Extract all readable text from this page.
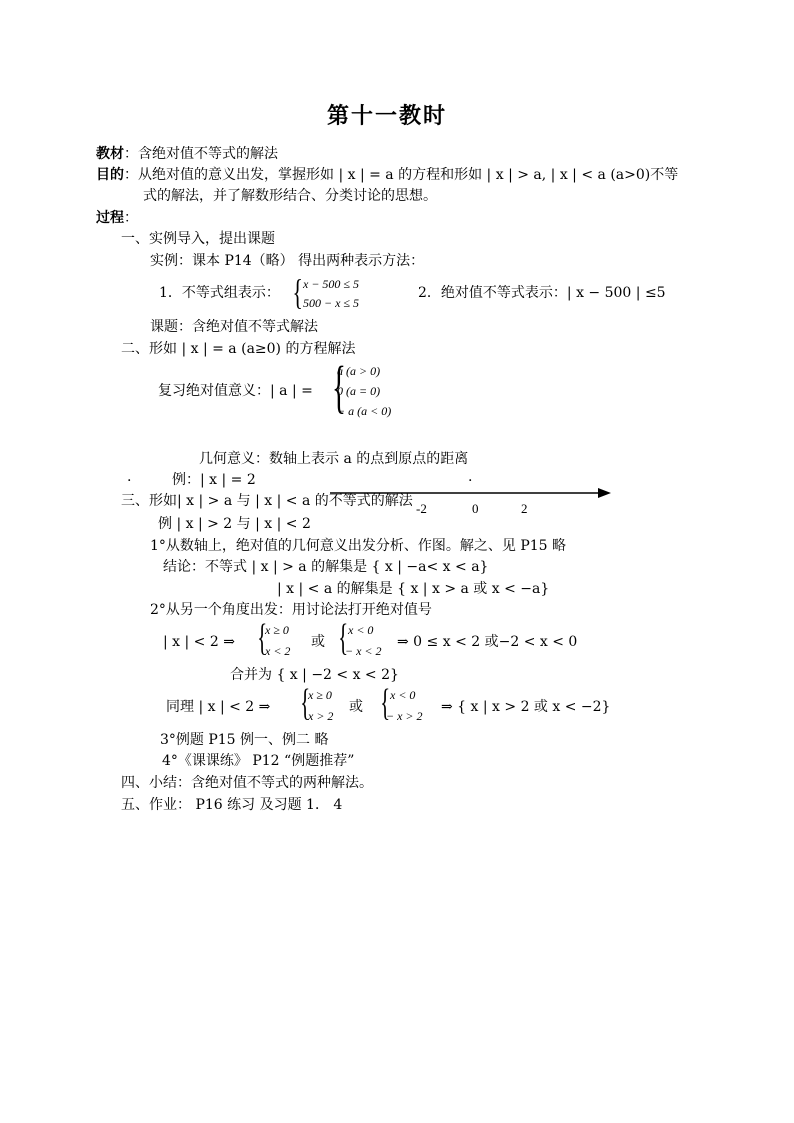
第十一教时
教材：含绝对值不等式的解法
目的：从绝对值的意义出发，掌握形如 | x | = a 的方程和形如 | x | > a, | x | < a (a>0)不等
式的解法，并了解数形结合、分类讨论的思想。
过程：
一、实例导入，提出课题
实例：课本 P14（略） 得出两种表示方法：
1．不等式组表示： { x − 500 ≤ 5
500 − x ≤ 5
2．绝对值不等式表示：| x − 500 | ≤5
课题：含绝对值不等式解法
二、形如 | x | = a (a≥0) 的方程解法
复习绝对值意义：| a | = {
a (a > 0)
0 (a = 0)
− a (a < 0)
几何意义：数轴上表示 a 的点到原点的距离
.	例：| x | = 2	.
-2	0	2
三、形如| x | > a 与 | x | < a 的不等式的解法
例 | x | > 2 与 | x | < 2
1°从数轴上，绝对值的几何意义出发分析、作图。解之、见 P15 略
结论：不等式 | x | > a 的解集是 { x | −a< x < a}
| x | < a 的解集是 { x | x > a 或 x < −a}
2°从另一个角度出发：用讨论法打开绝对值号
| x | < 2 ⇒ {
x ≥ 0
x < 2
或 { x < 0
− x < 2
⇒ 0 ≤ x < 2 或−2 < x < 0
合并为 { x | −2 < x < 2}
同理 | x | < 2 ⇒ {
x ≥ 0
x > 2
或 { x < 0
− x > 2
⇒ { x | x > 2 或 x < −2}
3°例题 P15 例一、例二 略
4°《课课练》 P12 “例题推荐”
四、小结：含绝对值不等式的两种解法。
五、作业： P16 练习 及习题 1． 4
